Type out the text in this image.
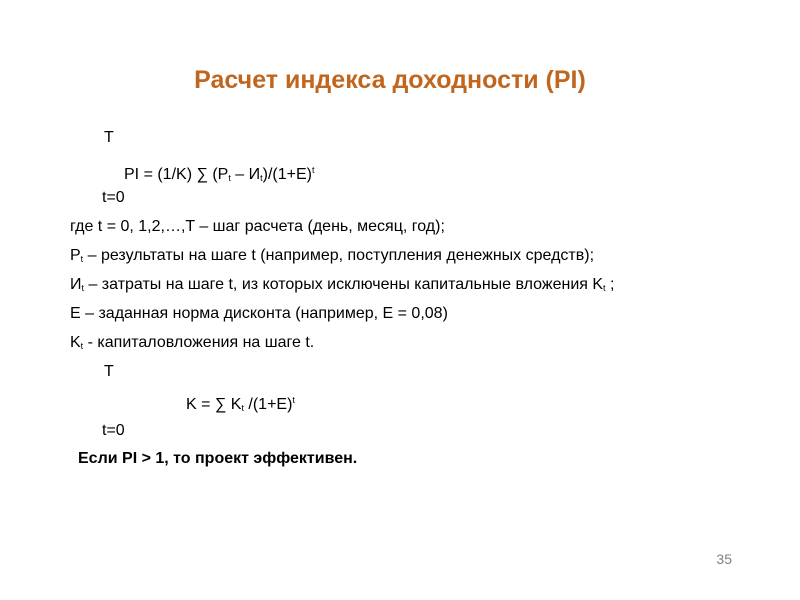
Расчет индекса доходности (PI)
T
PI = (1/K) ∑ $(P_t - И_t)/(1+E)^t$
t=0
где t = 0, 1,2,…,T – шаг расчета (день, месяц, год);
$P_t$ – результаты на шаге t (например, поступления денежных средств);
$И_t$ – затраты на шаге t, из которых исключены капитальные вложения $K_t$ ;
E – заданная норма дисконта (например, E = 0,08)
$K_t$ - капиталовложения на шаге t.
T
K = ∑ $K_t$ $/(1+E)^t$
t=0
Если PI > 1, то проект эффективен.
35
